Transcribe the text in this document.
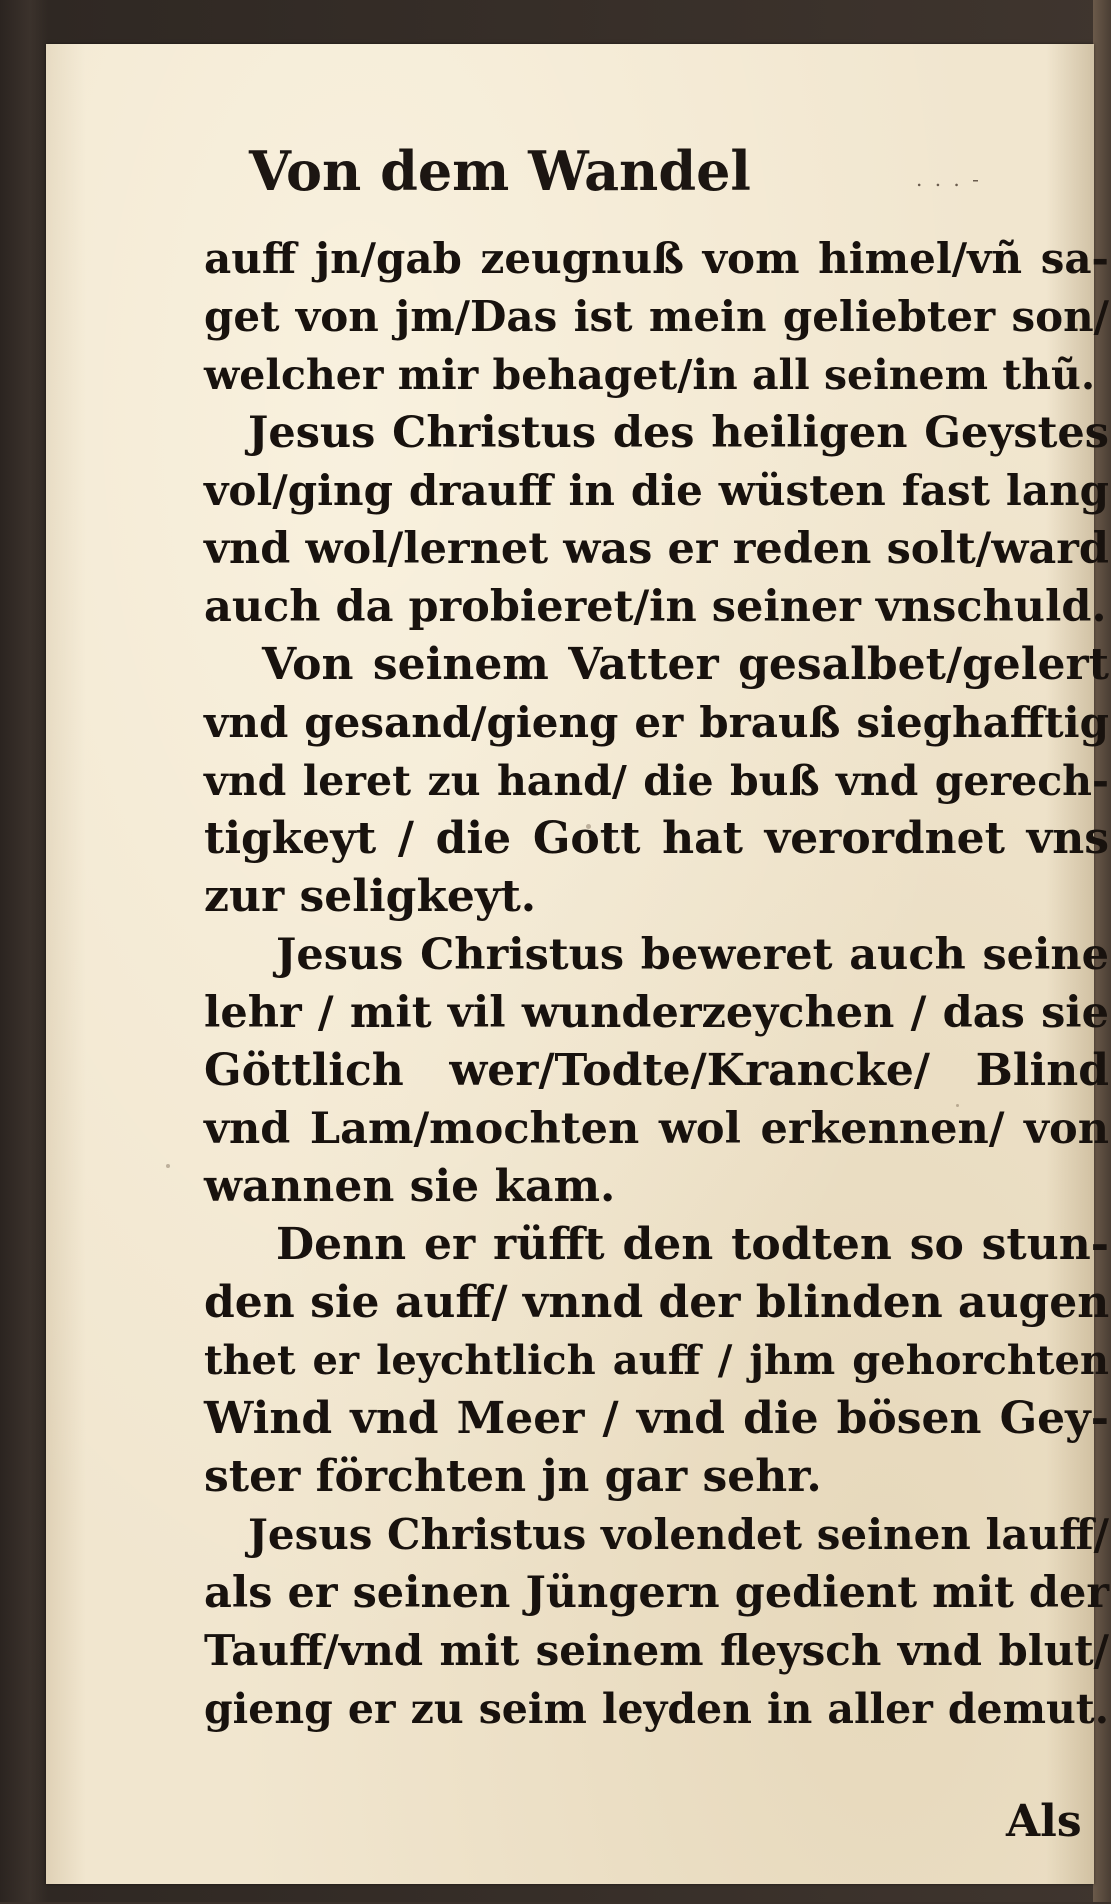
Von dem Wandel	. . . -
auff jn/gab zeugnuß vom himel/vñ sa-
get von jm/Das ist mein geliebter son/
welcher mir behaget/in all seinem thũ.
Jesus Christus des heiligen Geystes
vol/ging drauff in die wüsten fast lang
vnd wol/lernet was er reden solt/ward
auch da probieret/in seiner vnschuld.
Von seinem Vatter gesalbet/gelert
vnd gesand/gieng er brauß sieghafftig
vnd leret zu hand/ die buß vnd gerech-
tigkeyt / die Gott hat verordnet vns
zur seligkeyt.
Jesus Christus beweret auch seine
lehr / mit vil wunderzeychen / das sie
Göttlich wer/Todte/Krancke/ Blind
vnd Lam/mochten wol erkennen/ von
wannen sie kam.
Denn er rüfft den todten so stun-
den sie auff/ vnnd der blinden augen
thet er leychtlich auff / jhm gehorchten
Wind vnd Meer / vnd die bösen Gey-
ster förchten jn gar sehr.
Jesus Christus volendet seinen lauff/
als er seinen Jüngern gedient mit der
Tauff/vnd mit seinem fleysch vnd blut/
gieng er zu seim leyden in aller demut.
Als
